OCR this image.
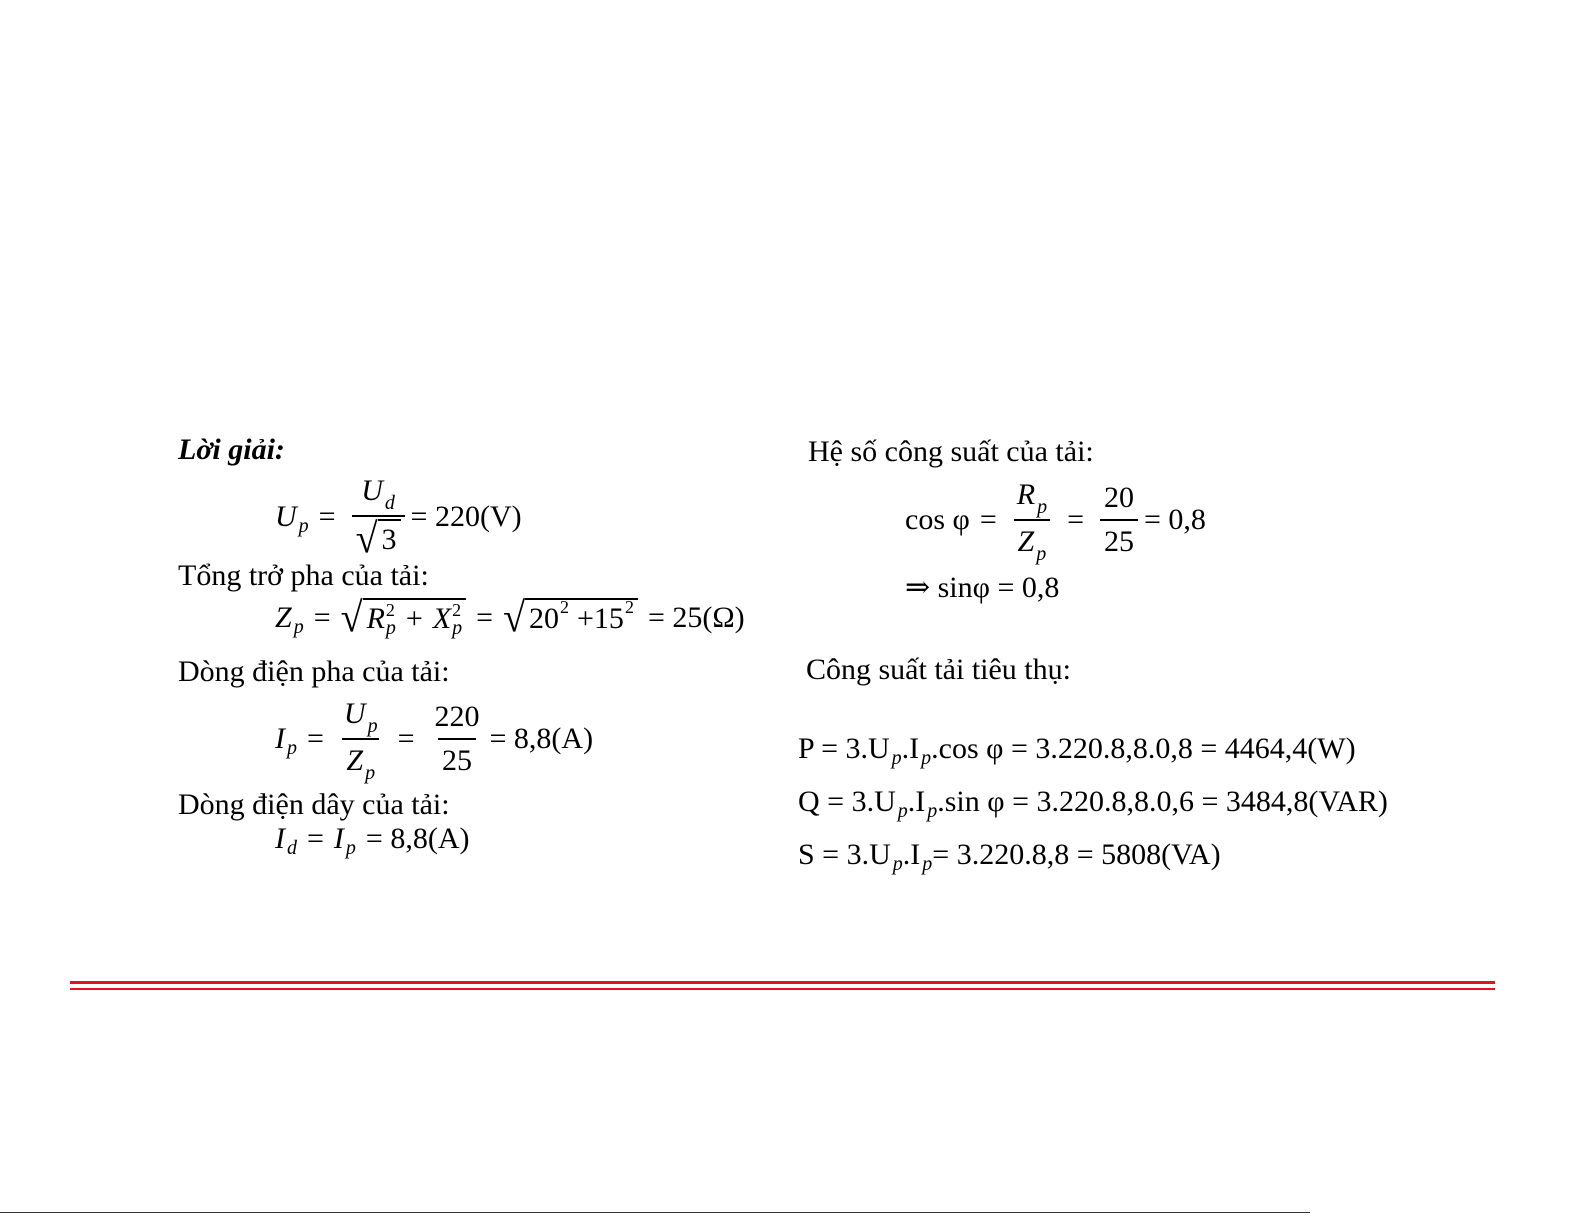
Lời giải:
U $p = \frac{U _d}{√ 3} = 220(V)$
Tổng trở pha của tải:
Z p = √ R 2
p + X 2
p = √ 20 2 +15 2 = 25(Ω)
Dòng điện pha của tải:
I $p = \frac{U _p}{Z _p} = \frac{220}{25} = 8,8(A)$
Dòng điện dây của tải:
I d = I p = 8,8(A)
Hệ số công suất của tải:
$\cos \varphi = \frac{R _p}{Z _p} = \frac{20}{25} = 0,8$
⇒ sinφ = 0,8
Công suất tải tiêu thụ:
P = 3.U p .I p .cos φ = 3.220.8,8.0,8 = 4464,4(W)
Q = 3.U p .I p .sin φ = 3.220.8,8.0,6 = 3484,8(VAR)
S = 3.U p .I p = 3.220.8,8 = 5808(VA)
